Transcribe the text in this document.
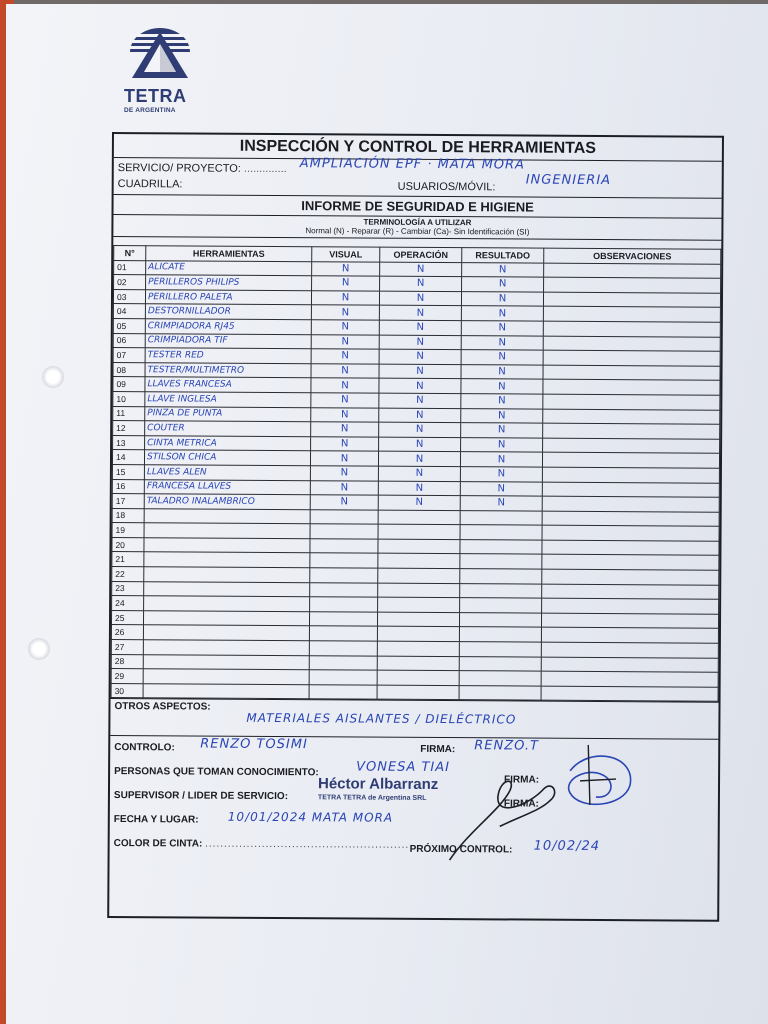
TETRA
DE ARGENTINA
INSPECCIÓN Y CONTROL DE HERRAMIENTAS
SERVICIO/ PROYECTO: .............. AMPLIACIÓN EPF · MATA MORA
CUADRILLA:	USUARIOS/MÓVIL: INGENIERIA
INFORME DE SEGURIDAD E HIGIENE
TERMINOLOGÍA A UTILIZAR
Normal (N) - Reparar (R) - Cambiar (Ca)- Sin Identificación (SI)
N°	HERRAMIENTAS	VISUAL	OPERACIÓN	RESULTADO	OBSERVACIONES
01	ALICATE	N	N	N	
02	PERILLEROS PHILIPS	N	N	N	
03	PERILLERO PALETA	N	N	N	
04	DESTORNILLADOR	N	N	N	
05	CRIMPIADORA RJ45	N	N	N	
06	CRIMPIADORA TIF	N	N	N	
07	TESTER RED	N	N	N	
08	TESTER/MULTIMETRO	N	N	N	
09	LLAVES FRANCESA	N	N	N	
10	LLAVE INGLESA	N	N	N	
11	PINZA DE PUNTA	N	N	N	
12	COUTER	N	N	N	
13	CINTA METRICA	N	N	N	
14	STILSON CHICA	N	N	N	
15	LLAVES ALEN	N	N	N	
16	FRANCESA LLAVES	N	N	N	
17	TALADRO INALAMBRICO	N	N	N	
18					
19					
20					
21					
22					
23					
24					
25					
26					
27					
28					
29					
30					
OTROS ASPECTOS:
MATERIALES AISLANTES / DIELÉCTRICO
CONTROLO: RENZO TOSIMI	FIRMA: RENZO.T
PERSONAS QUE TOMAN CONOCIMIENTO:	VONESA TIAI
FIRMA:
SUPERVISOR / LIDER DE SERVICIO:
Héctor Albarranz
TETRA TETRA de Argentina SRL
FIRMA:
FECHA Y LUGAR: 10/01/2024 MATA MORA
COLOR DE CINTA: ...................................................... PRÓXIMO CONTROL: 10/02/24
